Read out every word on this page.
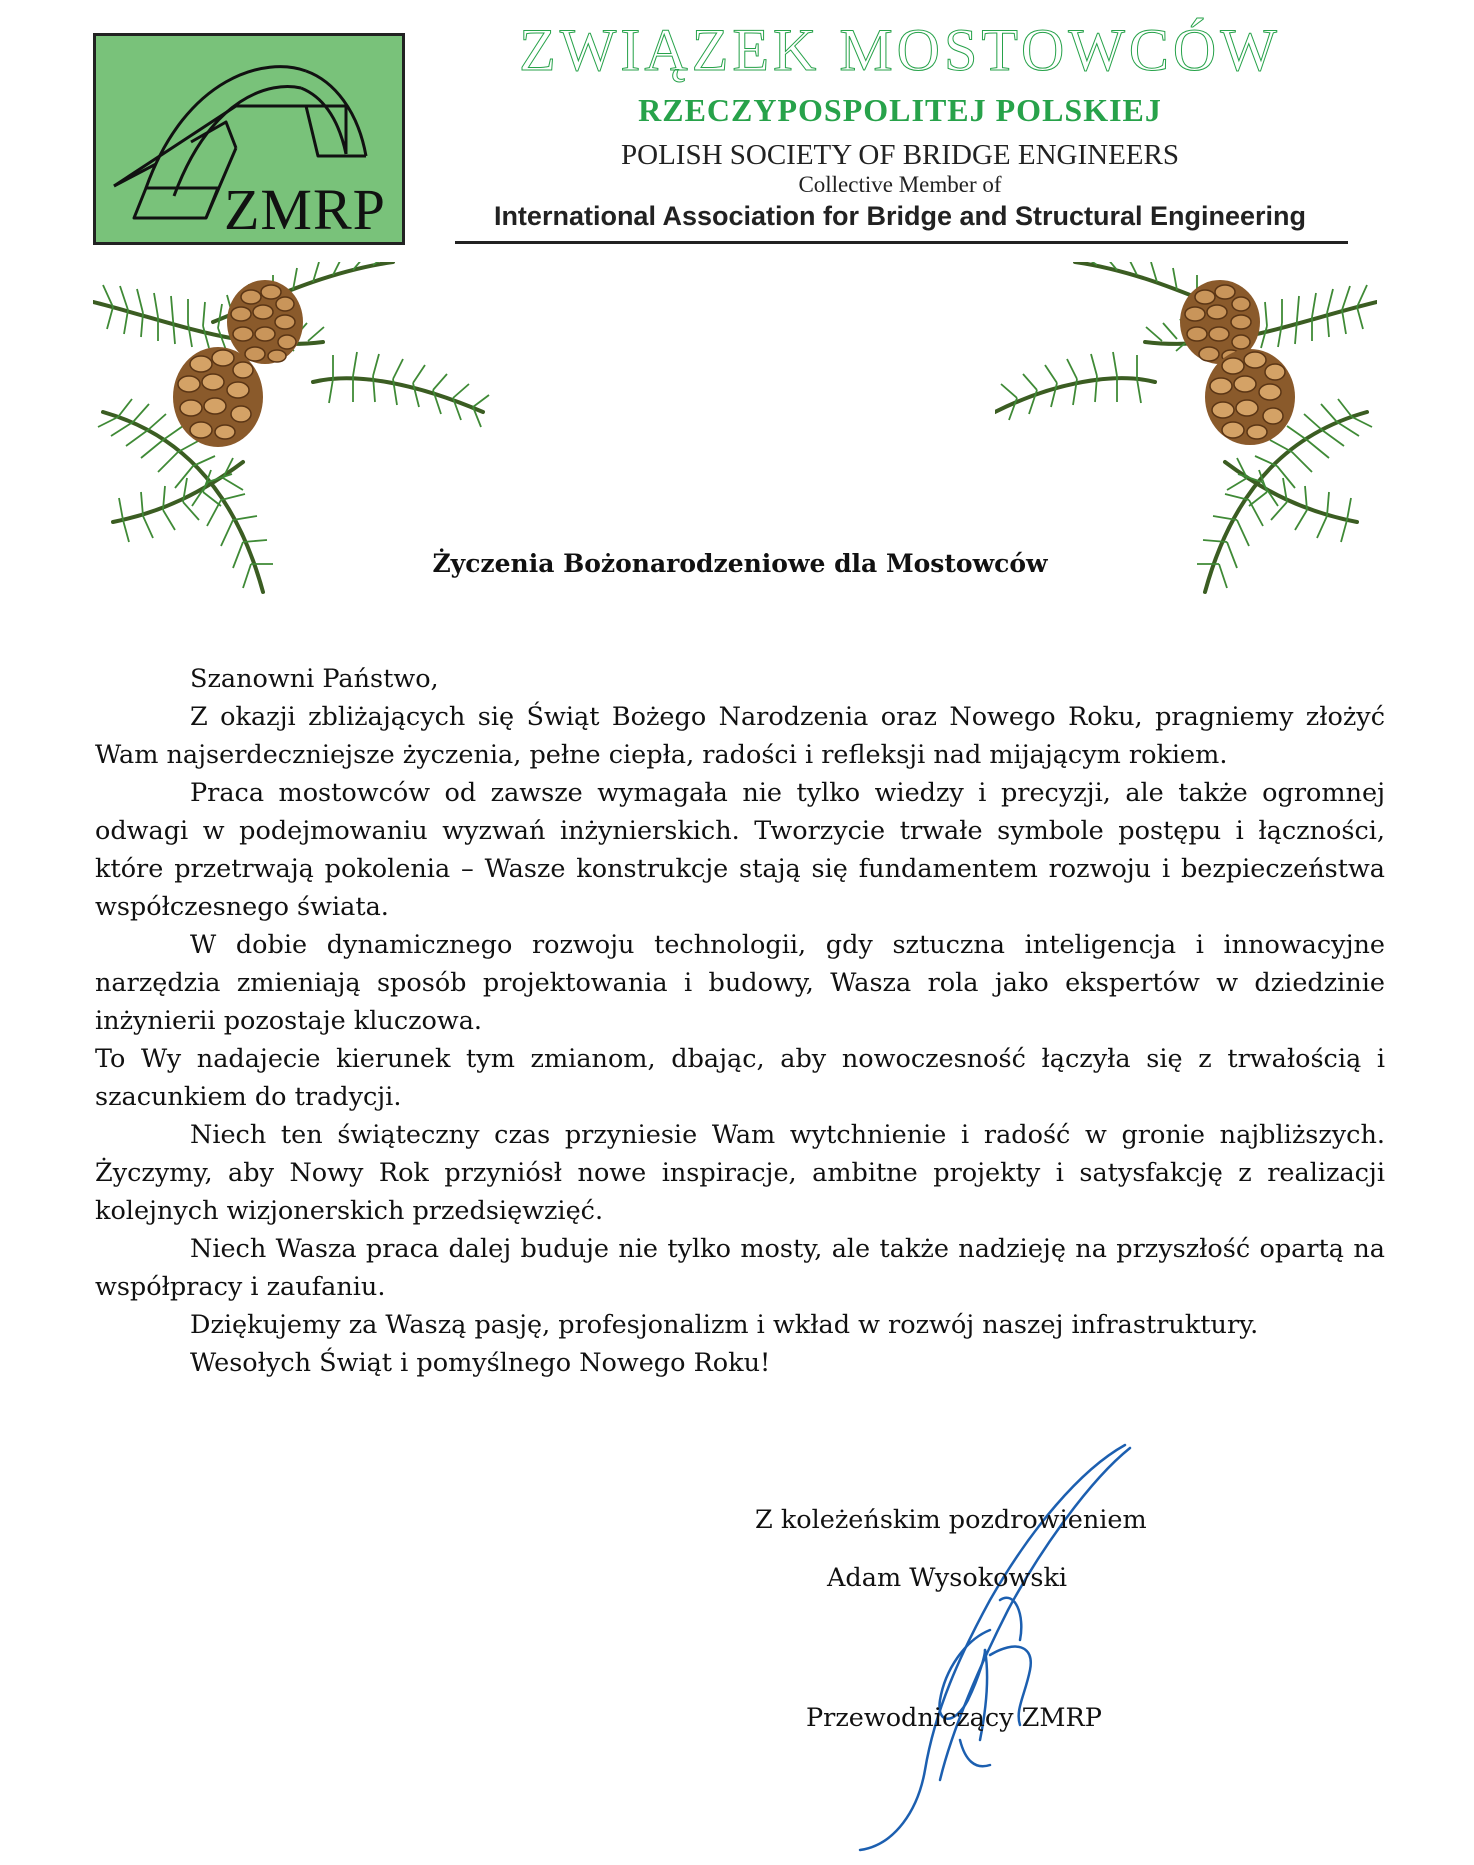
ZMRP
ZWIĄZEK MOSTOWCÓW
RZECZYPOSPOLITEJ POLSKIEJ
POLISH SOCIETY OF BRIDGE ENGINEERS
Collective Member of
International Association for Bridge and Structural Engineering
Życzenia Bożonarodzeniowe dla Mostowców

Szanowni Państwo,

Z okazji zbliżających się Świąt Bożego Narodzenia oraz Nowego Roku, pragniemy złożyć Wam najserdeczniejsze życzenia, pełne ciepła, radości i refleksji nad mijającym rokiem.

Praca mostowców od zawsze wymagała nie tylko wiedzy i precyzji, ale także ogromnej odwagi w podejmowaniu wyzwań inżynierskich. Tworzycie trwałe symbole postępu i łączności, które przetrwają pokolenia – Wasze konstrukcje stają się fundamentem rozwoju i bezpieczeństwa współczesnego świata.

W dobie dynamicznego rozwoju technologii, gdy sztuczna inteligencja i innowacyjne narzędzia zmieniają sposób projektowania i budowy, Wasza rola jako ekspertów w dziedzinie inżynierii pozostaje kluczowa.

To Wy nadajecie kierunek tym zmianom, dbając, aby nowoczesność łączyła się z trwałością i szacunkiem do tradycji.

Niech ten świąteczny czas przyniesie Wam wytchnienie i radość w gronie najbliższych. Życzymy, aby Nowy Rok przyniósł nowe inspiracje, ambitne projekty i satysfakcję z realizacji kolejnych wizjonerskich przedsięwzięć.

Niech Wasza praca dalej buduje nie tylko mosty, ale także nadzieję na przyszłość opartą na współpracy i zaufaniu.

Dziękujemy za Waszą pasję, profesjonalizm i wkład w rozwój naszej infrastruktury.

Wesołych Świąt i pomyślnego Nowego Roku!

Z koleżeńskim pozdrowieniem
Adam Wysokowski
Przewodniczący ZMRP
